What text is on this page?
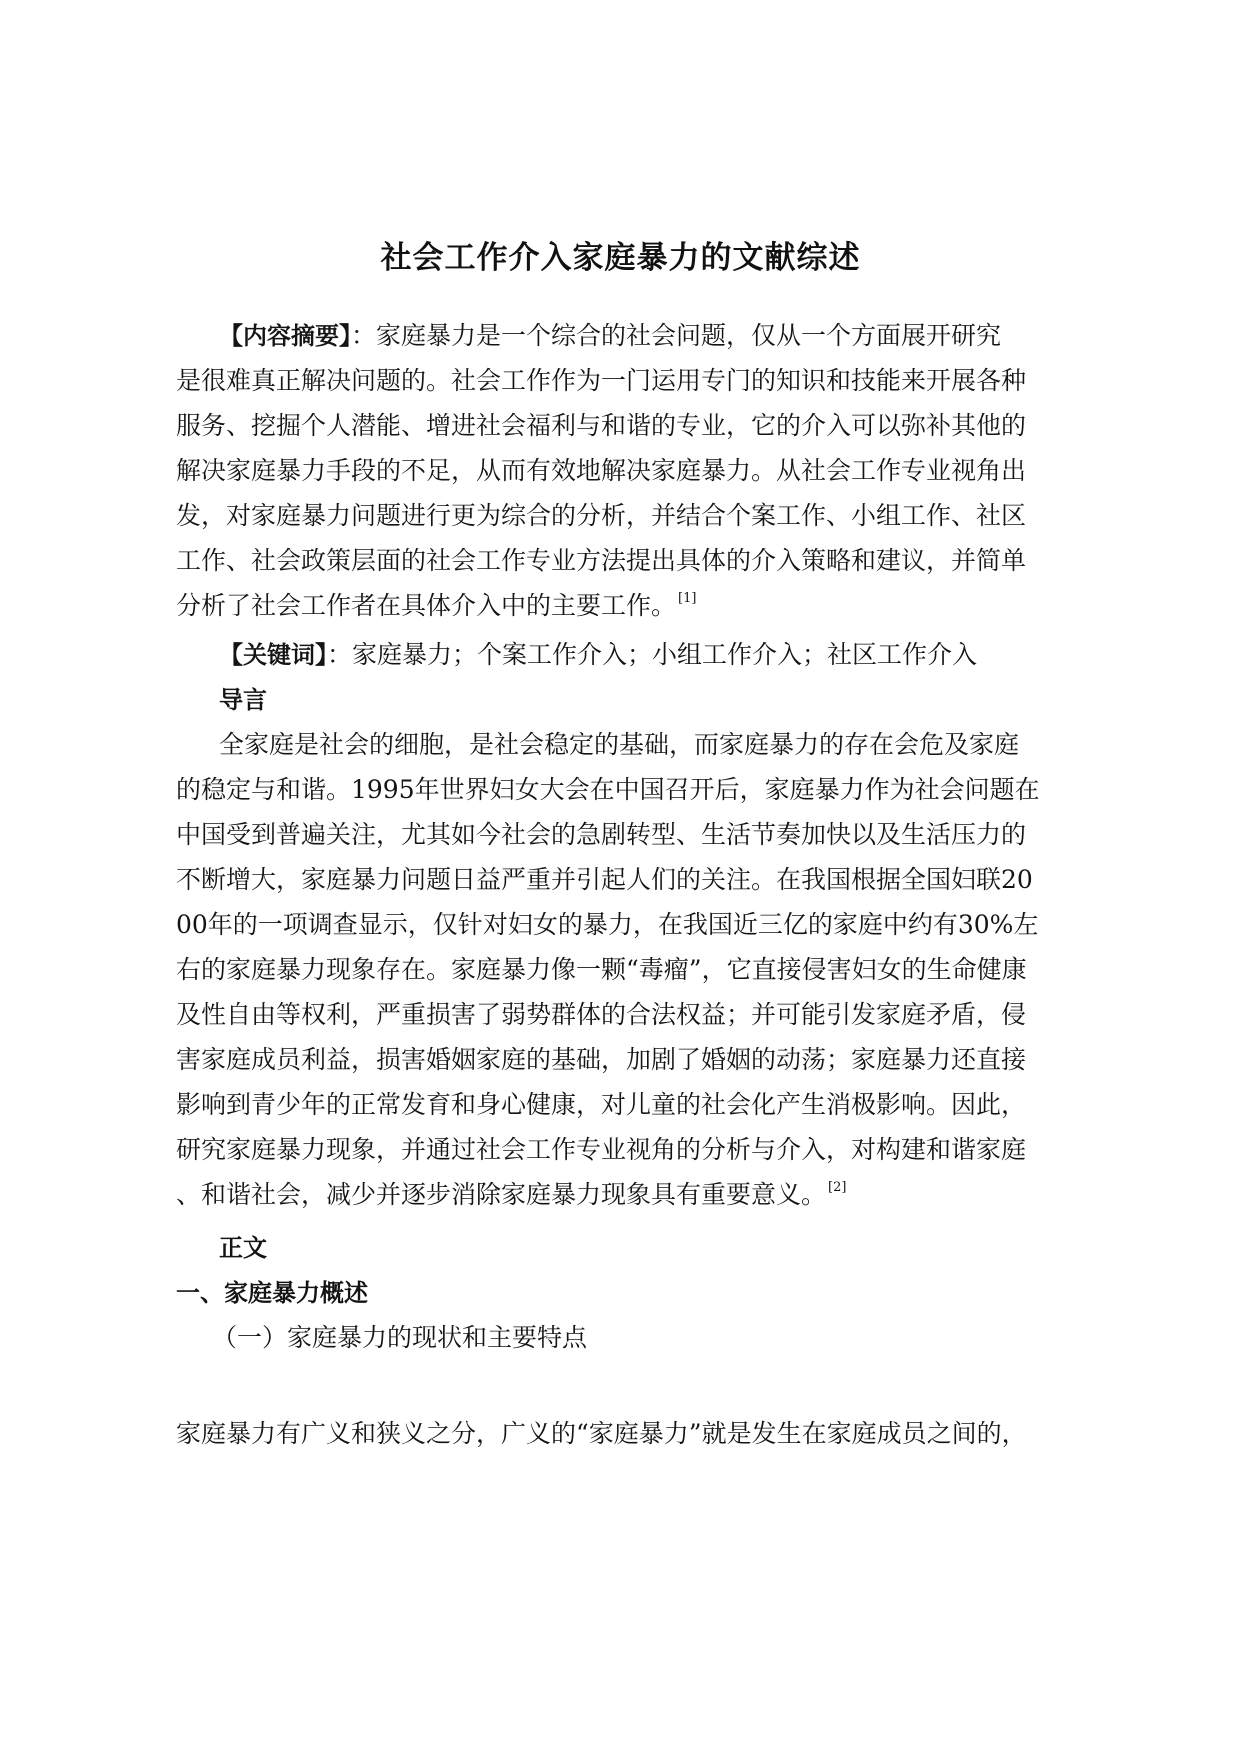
社会工作介入家庭暴力的文献综述
【内容摘要】：家庭暴力是一个综合的社会问题，仅从一个方面展开研究
是很难真正解决问题的。社会工作作为一门运用专门的知识和技能来开展各种
服务、挖掘个人潜能、增进社会福利与和谐的专业，它的介入可以弥补其他的
解决家庭暴力手段的不足，从而有效地解决家庭暴力。从社会工作专业视角出
发，对家庭暴力问题进行更为综合的分析，并结合个案工作、小组工作、社区
工作、社会政策层面的社会工作专业方法提出具体的介入策略和建议，并简单
分析了社会工作者在具体介入中的主要工作。 [1]
【关键词】：家庭暴力；个案工作介入；小组工作介入；社区工作介入
导言
全家庭是社会的细胞，是社会稳定的基础，而家庭暴力的存在会危及家庭
的稳定与和谐。1995年世界妇女大会在中国召开后，家庭暴力作为社会问题在
中国受到普遍关注，尤其如今社会的急剧转型、生活节奏加快以及生活压力的
不断增大，家庭暴力问题日益严重并引起人们的关注。在我国根据全国妇联20
00年的一项调查显示，仅针对妇女的暴力，在我国近三亿的家庭中约有30%左
右的家庭暴力现象存在。家庭暴力像一颗“毒瘤”，它直接侵害妇女的生命健康
及性自由等权利，严重损害了弱势群体的合法权益；并可能引发家庭矛盾，侵
害家庭成员利益，损害婚姻家庭的基础，加剧了婚姻的动荡；家庭暴力还直接
影响到青少年的正常发育和身心健康，对儿童的社会化产生消极影响。因此，
研究家庭暴力现象，并通过社会工作专业视角的分析与介入，对构建和谐家庭
、和谐社会，减少并逐步消除家庭暴力现象具有重要意义。 [2]
正文
一、家庭暴力概述
（一）家庭暴力的现状和主要特点
家庭暴力有广义和狭义之分，广义的“家庭暴力”就是发生在家庭成员之间的，
